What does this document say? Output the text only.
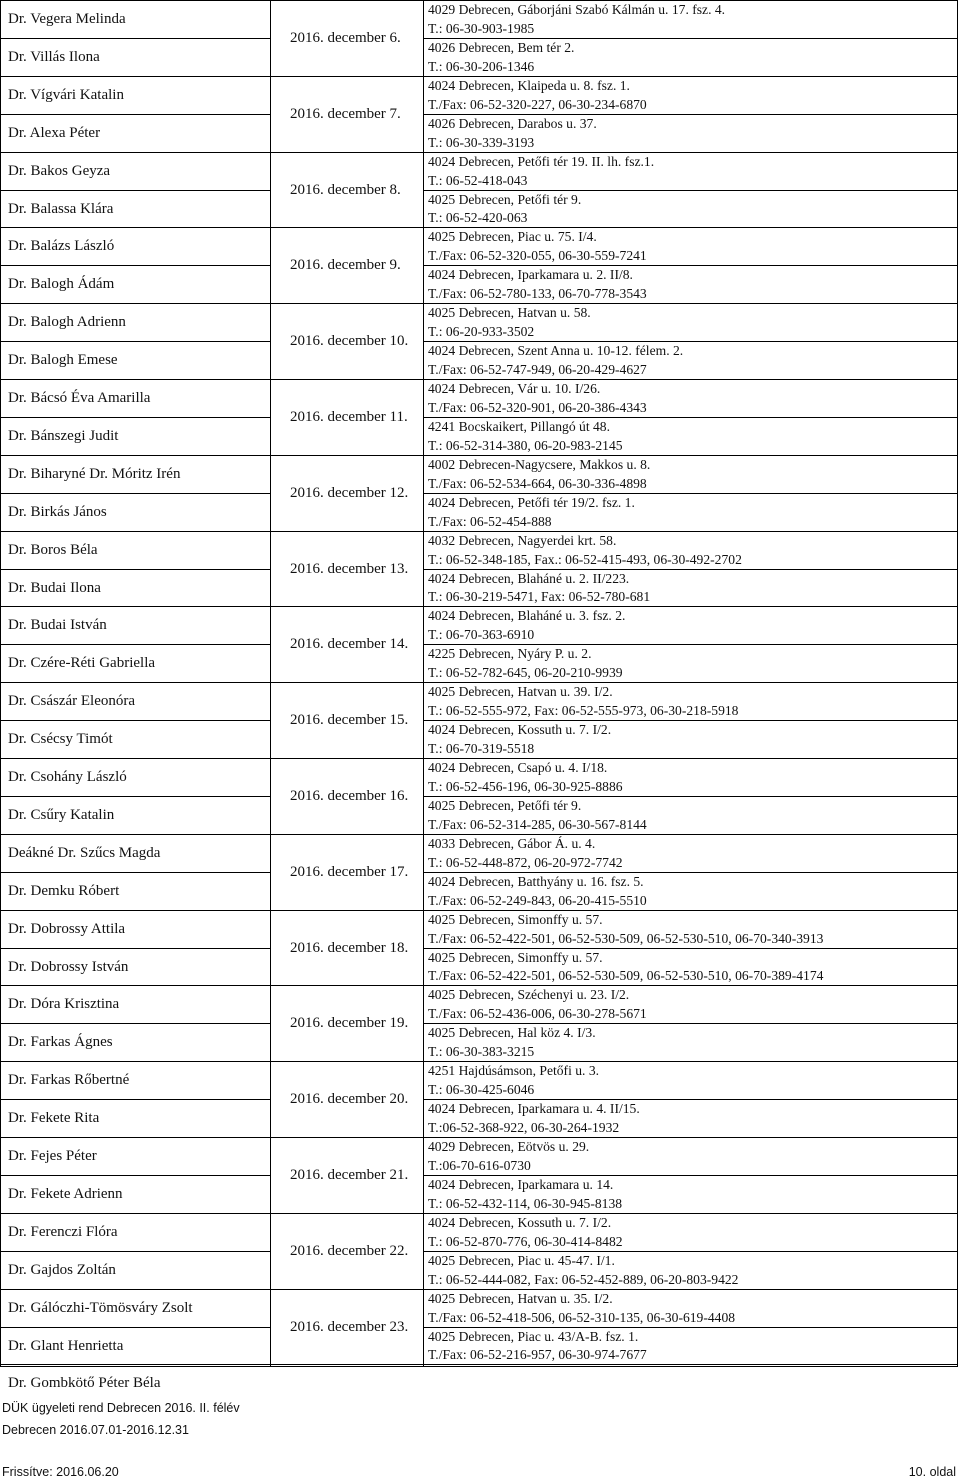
Dr. Vegera Melinda
Dr. Villás Ilona
Dr. Vígvári Katalin
Dr. Alexa Péter
Dr. Bakos Geyza
Dr. Balassa Klára
Dr. Balázs László
Dr. Balogh Ádám
Dr. Balogh Adrienn
Dr. Balogh Emese
Dr. Bácsó Éva Amarilla
Dr. Bánszegi Judit
Dr. Biharyné Dr. Móritz Irén
Dr. Birkás János
Dr. Boros Béla
Dr. Budai Ilona
Dr. Budai István
Dr. Czére-Réti Gabriella
Dr. Császár Eleonóra
Dr. Csécsy Timót
Dr. Csohány László
Dr. Csűry Katalin
Deákné Dr. Szűcs Magda
Dr. Demku Róbert
Dr. Dobrossy Attila
Dr. Dobrossy István
Dr. Dóra Krisztina
Dr. Farkas Ágnes
Dr. Farkas Rőbertné
Dr. Fekete Rita
Dr. Fejes Péter
Dr. Fekete Adrienn
Dr. Ferenczi Flóra
Dr. Gajdos Zoltán
Dr. Gálóczhi-Tömösváry Zsolt
Dr. Glant Henrietta
Dr. Gombkötő Péter Béla
2016. december 6.
2016. december 7.
2016. december 8.
2016. december 9.
2016. december 10.
2016. december 11.
2016. december 12.
2016. december 13.
2016. december 14.
2016. december 15.
2016. december 16.
2016. december 17.
2016. december 18.
2016. december 19.
2016. december 20.
2016. december 21.
2016. december 22.
2016. december 23.
4029 Debrecen, Gáborjáni Szabó Kálmán u. 17. fsz. 4.
T.: 06-30-903-1985
4026 Debrecen, Bem tér 2.
T.: 06-30-206-1346
4024 Debrecen, Klaipeda u. 8. fsz. 1.
T./Fax: 06-52-320-227, 06-30-234-6870
4026 Debrecen, Darabos u. 37.
T.: 06-30-339-3193
4024 Debrecen, Petőfi tér 19. II. lh. fsz.1.
T.: 06-52-418-043
4025 Debrecen, Petőfi tér 9.
T.: 06-52-420-063
4025 Debrecen, Piac u. 75. I/4.
T./Fax: 06-52-320-055, 06-30-559-7241
4024 Debrecen, Iparkamara u. 2. II/8.
T./Fax: 06-52-780-133, 06-70-778-3543
4025 Debrecen, Hatvan u. 58.
T.: 06-20-933-3502
4024 Debrecen, Szent Anna u. 10-12. félem. 2.
T./Fax: 06-52-747-949, 06-20-429-4627
4024 Debrecen, Vár u. 10. I/26.
T./Fax: 06-52-320-901, 06-20-386-4343
4241 Bocskaikert, Pillangó út 48.
T.: 06-52-314-380, 06-20-983-2145
4002 Debrecen-Nagycsere, Makkos u. 8.
T./Fax: 06-52-534-664, 06-30-336-4898
4024 Debrecen, Petőfi tér 19/2. fsz. 1.
T./Fax: 06-52-454-888
4032 Debrecen, Nagyerdei krt. 58.
T.: 06-52-348-185, Fax.: 06-52-415-493, 06-30-492-2702
4024 Debrecen, Blaháné u. 2. II/223.
T.: 06-30-219-5471, Fax: 06-52-780-681
4024 Debrecen, Blaháné u. 3. fsz. 2.
T.: 06-70-363-6910
4225 Debrecen, Nyáry P. u. 2.
T.: 06-52-782-645, 06-20-210-9939
4025 Debrecen, Hatvan u. 39. I/2.
T.: 06-52-555-972, Fax: 06-52-555-973, 06-30-218-5918
4024 Debrecen, Kossuth u. 7. I/2.
T.: 06-70-319-5518
4024 Debrecen, Csapó u. 4. I/18.
T.: 06-52-456-196, 06-30-925-8886
4025 Debrecen, Petőfi tér 9.
T./Fax: 06-52-314-285, 06-30-567-8144
4033 Debrecen, Gábor Á. u. 4.
T.: 06-52-448-872, 06-20-972-7742
4024 Debrecen, Batthyány u. 16. fsz. 5.
T./Fax: 06-52-249-843, 06-20-415-5510
4025 Debrecen, Simonffy u. 57.
T./Fax: 06-52-422-501, 06-52-530-509, 06-52-530-510, 06-70-340-3913
4025 Debrecen, Simonffy u. 57.
T./Fax: 06-52-422-501, 06-52-530-509, 06-52-530-510, 06-70-389-4174
4025 Debrecen, Széchenyi u. 23. I/2.
T./Fax: 06-52-436-006, 06-30-278-5671
4025 Debrecen, Hal köz 4. I/3.
T.: 06-30-383-3215
4251 Hajdúsámson, Petőfi u. 3.
T.: 06-30-425-6046
4024 Debrecen, Iparkamara u. 4. II/15.
T.:06-52-368-922, 06-30-264-1932
4029 Debrecen, Eötvös u. 29.
T.:06-70-616-0730
4024 Debrecen, Iparkamara u. 14.
T.: 06-52-432-114, 06-30-945-8138
4024 Debrecen, Kossuth u. 7. I/2.
T.: 06-52-870-776, 06-30-414-8482
4025 Debrecen, Piac u. 45-47. I/1.
T.: 06-52-444-082, Fax: 06-52-452-889, 06-20-803-9422
4025 Debrecen, Hatvan u. 35. I/2.
T./Fax: 06-52-418-506, 06-52-310-135, 06-30-619-4408
4025 Debrecen, Piac u. 43/A-B. fsz. 1.
T./Fax: 06-52-216-957, 06-30-974-7677
DÜK ügyeleti rend Debrecen 2016. II. félév
Debrecen 2016.07.01-2016.12.31
Frissítve: 2016.06.20	10. oldal
